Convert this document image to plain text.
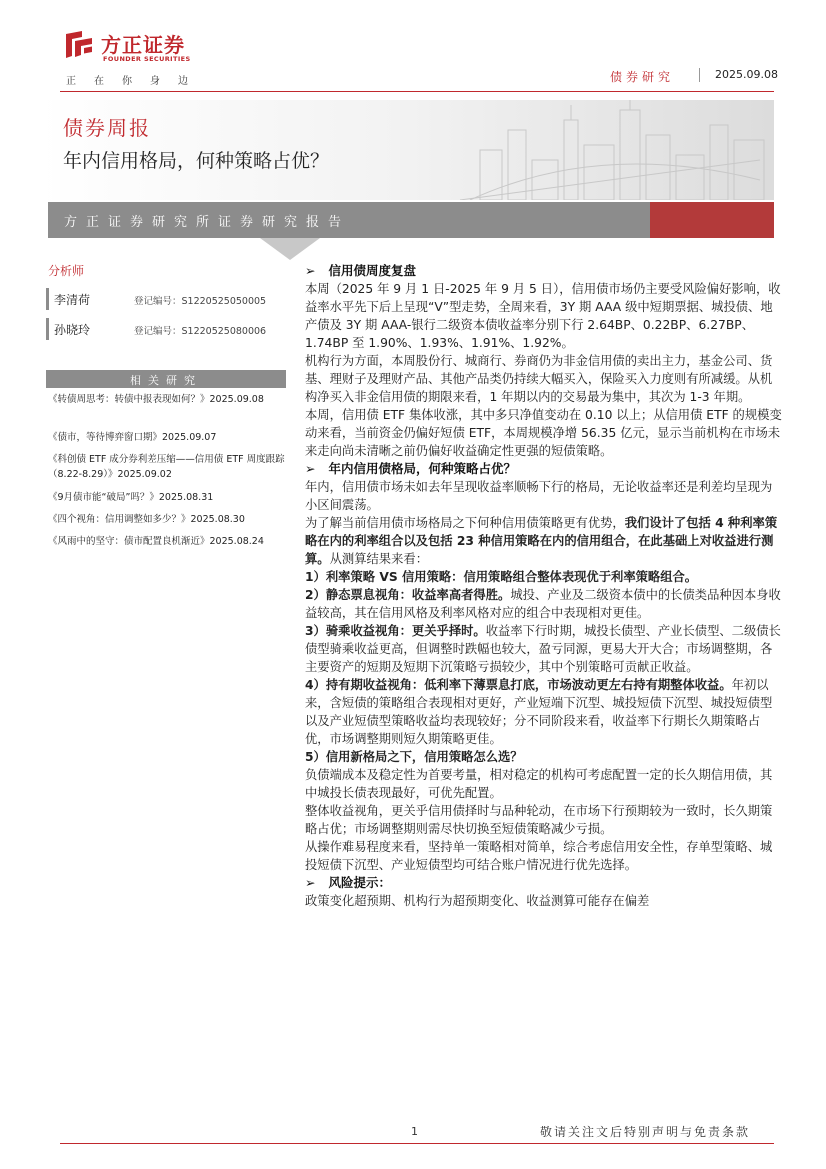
方正证券
FOUNDER SECURITIES
正在你身边	债券研究	2025.09.08
债券周报
年内信用格局，何种策略占优？
方正证券研究所证券研究报告
分析师
李清荷	登记编号：S1220525050005
孙晓玲	登记编号：S1220525080006
相关研究
《转债周思考：转债中报表现如何？》2025.09.08
《债市，等待博弈窗口期》2025.09.07
《科创债 ETF 成分券利差压缩——信用债 ETF 周度跟踪（8.22-8.29）》2025.09.02
《9月债市能“破局”吗？》2025.08.31
《四个视角：信用调整如多少？》2025.08.30
《风雨中的坚守：债市配置良机渐近》2025.08.24

➢   信用债周度复盘

本周（2025 年 9 月 1 日-2025 年 9 月 5 日），信用债市场仍主要受风险偏好影响，收益率水平先下后上呈现“V”型走势，全周来看，3Y 期 AAA 级中短期票据、城投债、地产债及 3Y 期 AAA-银行二级资本债收益率分别下行 2.64BP、0.22BP、6.27BP、1.74BP 至 1.90%、1.93%、1.91%、1.92%。

机构行为方面，本周股份行、城商行、券商仍为非金信用债的卖出主力，基金公司、货基、理财子及理财产品、其他产品类仍持续大幅买入，保险买入力度则有所减缓。从机构净买入非金信用债的期限来看，1 年期以内的交易最为集中，其次为 1-3 年期。

本周，信用债 ETF 集体收涨，其中多只净值变动在 0.10 以上；从信用债 ETF 的规模变动来看，当前资金仍偏好短债 ETF，本周规模净增 56.35 亿元，显示当前机构在市场未来走向尚未清晰之前仍偏好收益确定性更强的短债策略。

➢   年内信用债格局，何种策略占优？

年内，信用债市场未如去年呈现收益率顺畅下行的格局，无论收益率还是利差均呈现为小区间震荡。

为了解当前信用债市场格局之下何种信用债策略更有优势，我们设计了包括 4 种利率策略在内的利率组合以及包括 23 种信用策略在内的信用组合，在此基础上对收益进行测算。从测算结果来看：

1）利率策略 VS 信用策略：信用策略组合整体表现优于利率策略组合。

2）静态票息视角：收益率高者得胜。城投、产业及二级资本债中的长债类品种因本身收益较高，其在信用风格及利率风格对应的组合中表现相对更佳。

3）骑乘收益视角：更关乎择时。收益率下行时期，城投长债型、产业长债型、二级债长债型骑乘收益更高，但调整时跌幅也较大，盈亏同源，更易大开大合；市场调整期，各主要资产的短期及短期下沉策略亏损较少，其中个别策略可贡献正收益。

4）持有期收益视角：低利率下薄票息打底，市场波动更左右持有期整体收益。年初以来，含短债的策略组合表现相对更好，产业短端下沉型、城投短债下沉型、城投短债型以及产业短债型策略收益均表现较好；分不同阶段来看，收益率下行期长久期策略占优，市场调整期则短久期策略更佳。

5）信用新格局之下，信用策略怎么选？

负债端成本及稳定性为首要考量，相对稳定的机构可考虑配置一定的长久期信用债，其中城投长债表现最好，可优先配置。

整体收益视角，更关乎信用债择时与品种轮动，在市场下行预期较为一致时，长久期策略占优；市场调整期则需尽快切换至短债策略减少亏损。

从操作难易程度来看，坚持单一策略相对简单，综合考虑信用安全性，存单型策略、城投短债下沉型、产业短债型均可结合账户情况进行优先选择。

➢   风险提示：

政策变化超预期、机构行为超预期变化、收益测算可能存在偏差

1	敬请关注文后特别声明与免责条款
